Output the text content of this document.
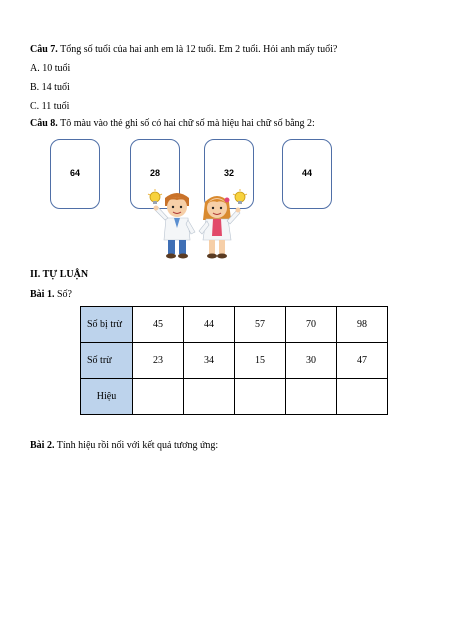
Câu 7. Tổng số tuổi của hai anh em là 12 tuổi. Em 2 tuổi. Hỏi anh mấy tuổi?
A. 10 tuổi
B. 14 tuổi
C. 11 tuổi
Câu 8. Tô màu vào thẻ ghi số có hai chữ số mà hiệu hai chữ số bằng 2:
64	28	32	44
II. TỰ LUẬN
Bài 1. Số?
Số bị trừ	45	44	57	70	98
Số trừ	23	34	15	30	47
Hiệu					
Bài 2. Tính hiệu rồi nối với kết quả tương ứng:
